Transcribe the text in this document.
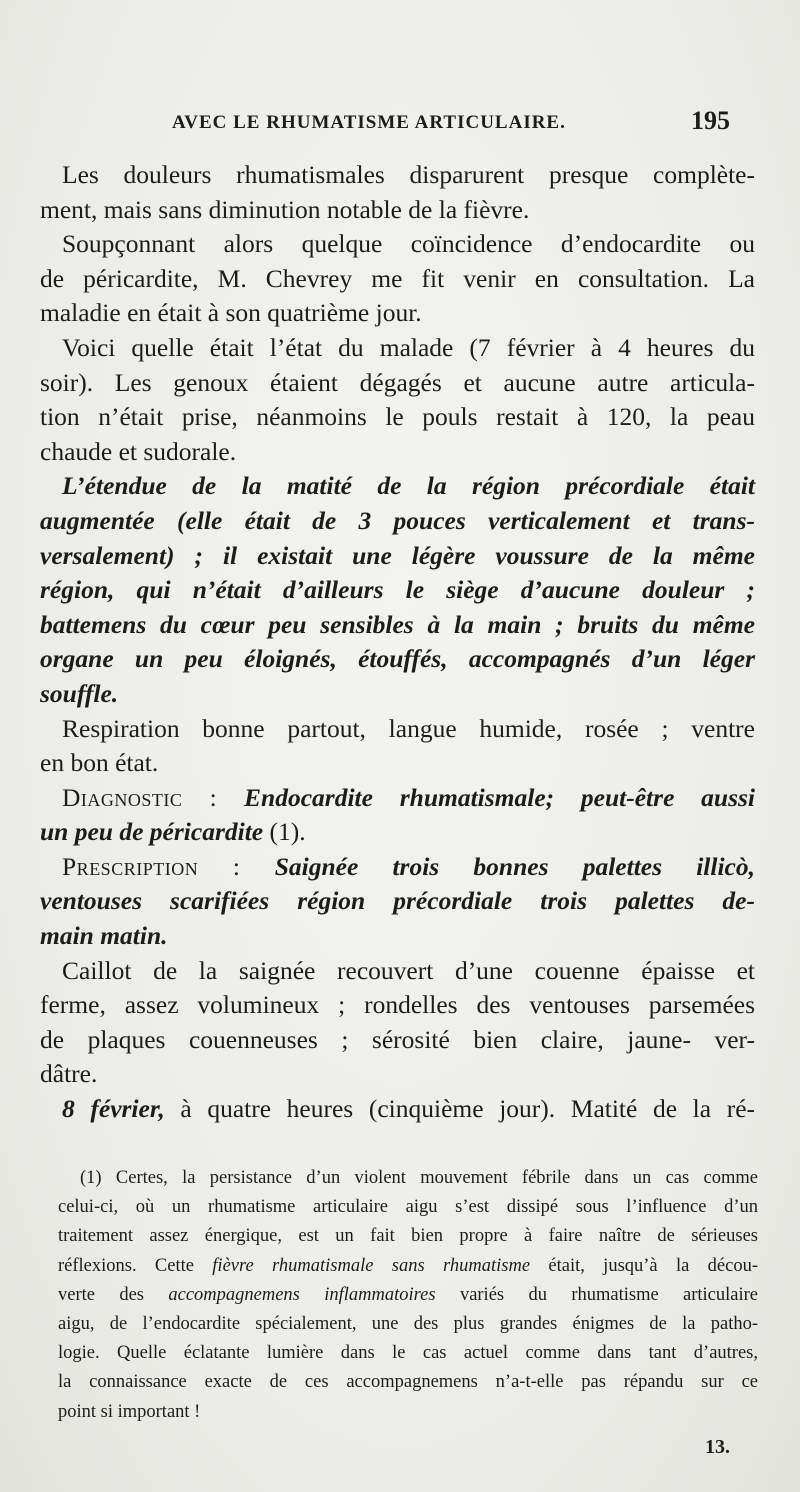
AVEC LE RHUMATISME ARTICULAIRE.	195
Les douleurs rhumatismales disparurent presque complète-
ment, mais sans diminution notable de la fièvre.
Soupçonnant alors quelque coïncidence d’endocardite ou
de péricardite, M. Chevrey me fit venir en consultation. La
maladie en était à son quatrième jour.
Voici quelle était l’état du malade (7 février à 4 heures du
soir). Les genoux étaient dégagés et aucune autre articula-
tion n’était prise, néanmoins le pouls restait à 120, la peau
chaude et sudorale.
L’étendue de la matité de la région précordiale était
augmentée (elle était de 3 pouces verticalement et trans-
versalement) ; il existait une légère voussure de la même
région, qui n’était d’ailleurs le siège d’aucune douleur ;
battemens du cœur peu sensibles à la main ; bruits du même
organe un peu éloignés, étouffés, accompagnés d’un léger
souffle.
Respiration bonne partout, langue humide, rosée ; ventre
en bon état.
Diagnostic : Endocardite rhumatismale; peut-être aussi
un peu de péricardite (1).
Prescription : Saignée trois bonnes palettes illicò,
ventouses scarifiées région précordiale trois palettes de-
main matin.
Caillot de la saignée recouvert d’une couenne épaisse et
ferme, assez volumineux ; rondelles des ventouses parsemées
de plaques couenneuses ; sérosité bien claire, jaune- ver-
dâtre.
8 février, à quatre heures (cinquième jour). Matité de la ré-
(1) Certes, la persistance d’un violent mouvement fébrile dans un cas comme
celui-ci, où un rhumatisme articulaire aigu s’est dissipé sous l’influence d’un
traitement assez énergique, est un fait bien propre à faire naître de sérieuses
réflexions. Cette fièvre rhumatismale sans rhumatisme était, jusqu’à la décou-
verte des accompagnemens inflammatoires variés du rhumatisme articulaire
aigu, de l’endocardite spécialement, une des plus grandes énigmes de la patho-
logie. Quelle éclatante lumière dans le cas actuel comme dans tant d’autres,
la connaissance exacte de ces accompagnemens n’a-t-elle pas répandu sur ce
point si important !
13.
